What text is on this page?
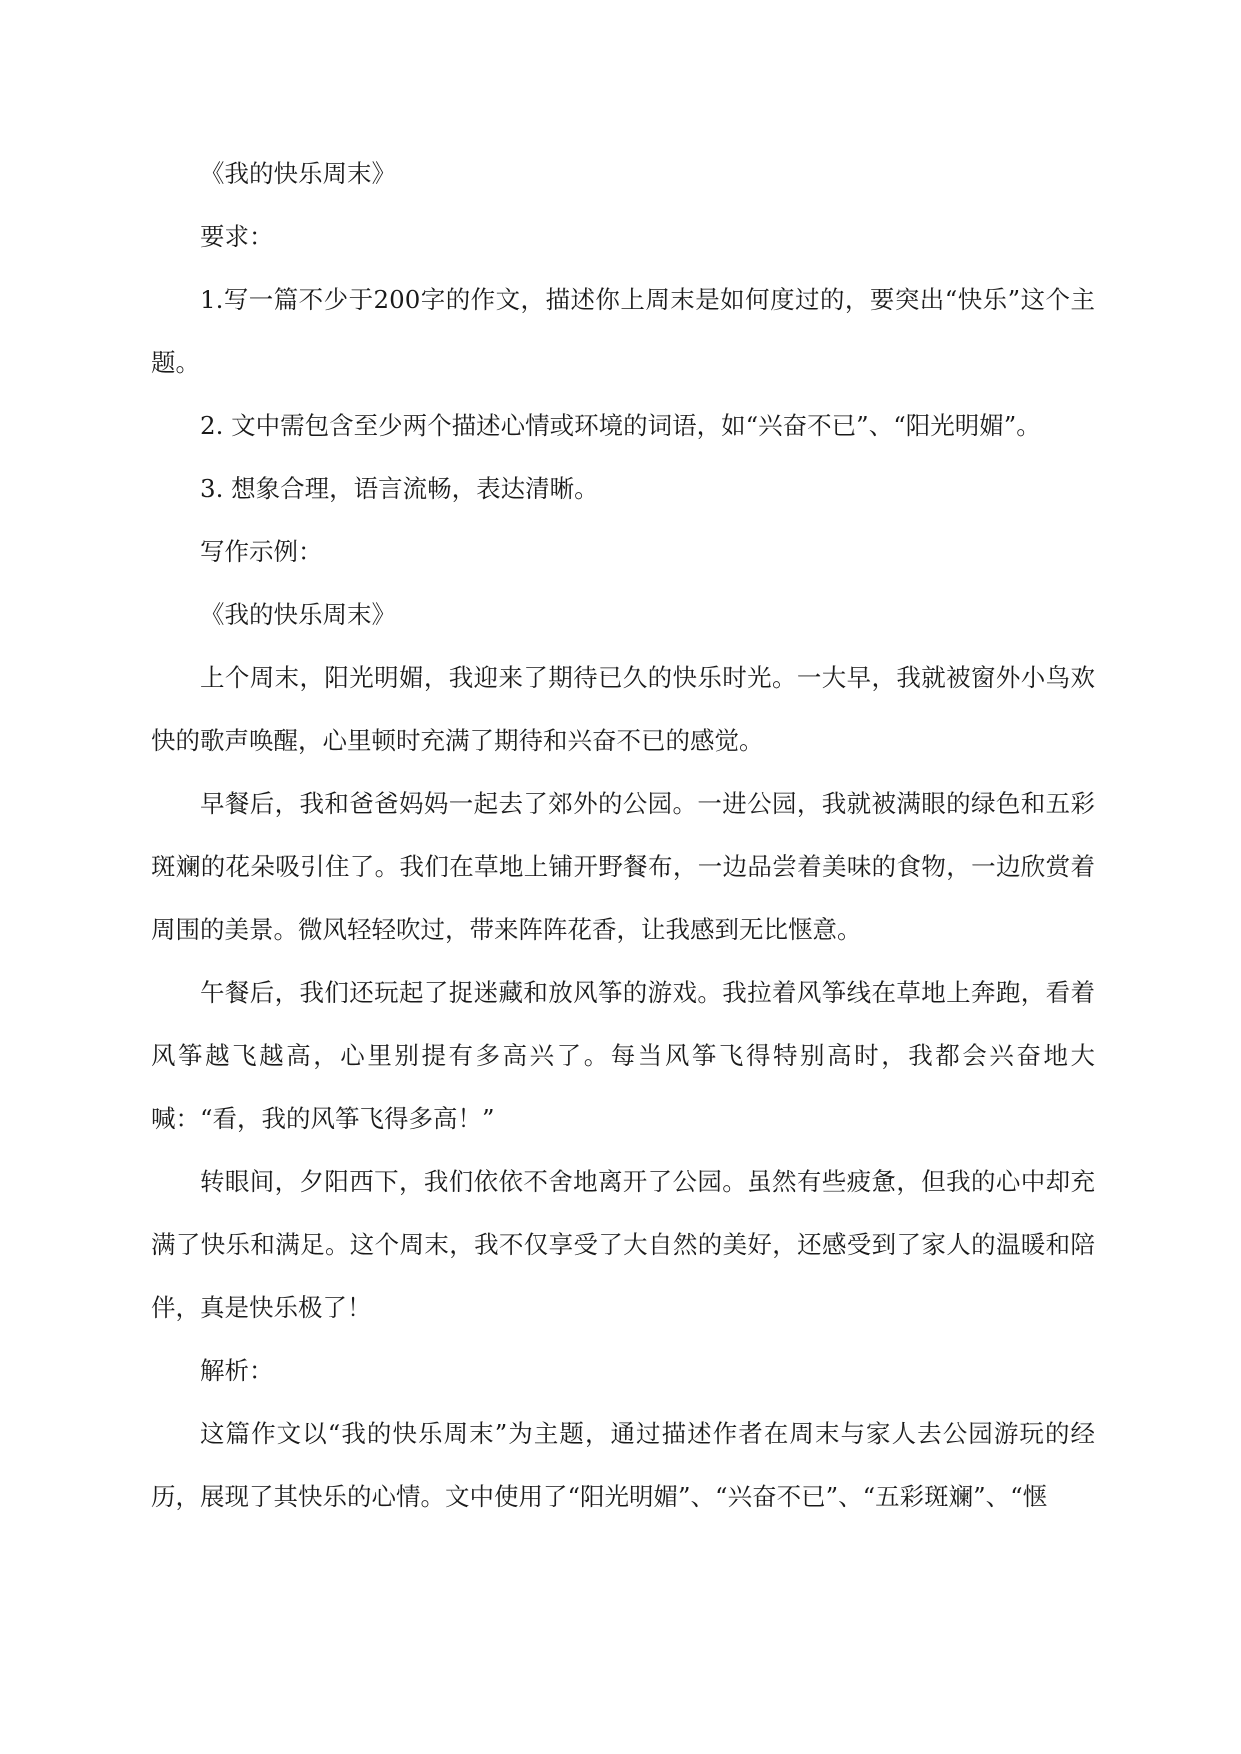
《我的快乐周末》

要求：

1.写一篇不少于200字的作文，描述你上周末是如何度过的，要突出“快乐”这个主题。

2. 文中需包含至少两个描述心情或环境的词语，如“兴奋不已”、“阳光明媚”。

3. 想象合理，语言流畅，表达清晰。

写作示例：

《我的快乐周末》

上个周末，阳光明媚，我迎来了期待已久的快乐时光。一大早，我就被窗外小鸟欢快的歌声唤醒，心里顿时充满了期待和兴奋不已的感觉。

早餐后，我和爸爸妈妈一起去了郊外的公园。一进公园，我就被满眼的绿色和五彩斑斓的花朵吸引住了。我们在草地上铺开野餐布，一边品尝着美味的食物，一边欣赏着周围的美景。微风轻轻吹过，带来阵阵花香，让我感到无比惬意。

午餐后，我们还玩起了捉迷藏和放风筝的游戏。我拉着风筝线在草地上奔跑，看着风筝越飞越高，心里别提有多高兴了。每当风筝飞得特别高时，我都会兴奋地大喊：“看，我的风筝飞得多高！”

转眼间，夕阳西下，我们依依不舍地离开了公园。虽然有些疲惫，但我的心中却充满了快乐和满足。这个周末，我不仅享受了大自然的美好，还感受到了家人的温暖和陪伴，真是快乐极了！

解析：

这篇作文以“我的快乐周末”为主题，通过描述作者在周末与家人去公园游玩的经历，展现了其快乐的心情。文中使用了“阳光明媚”、“兴奋不已”、“五彩斑斓”、“惬
